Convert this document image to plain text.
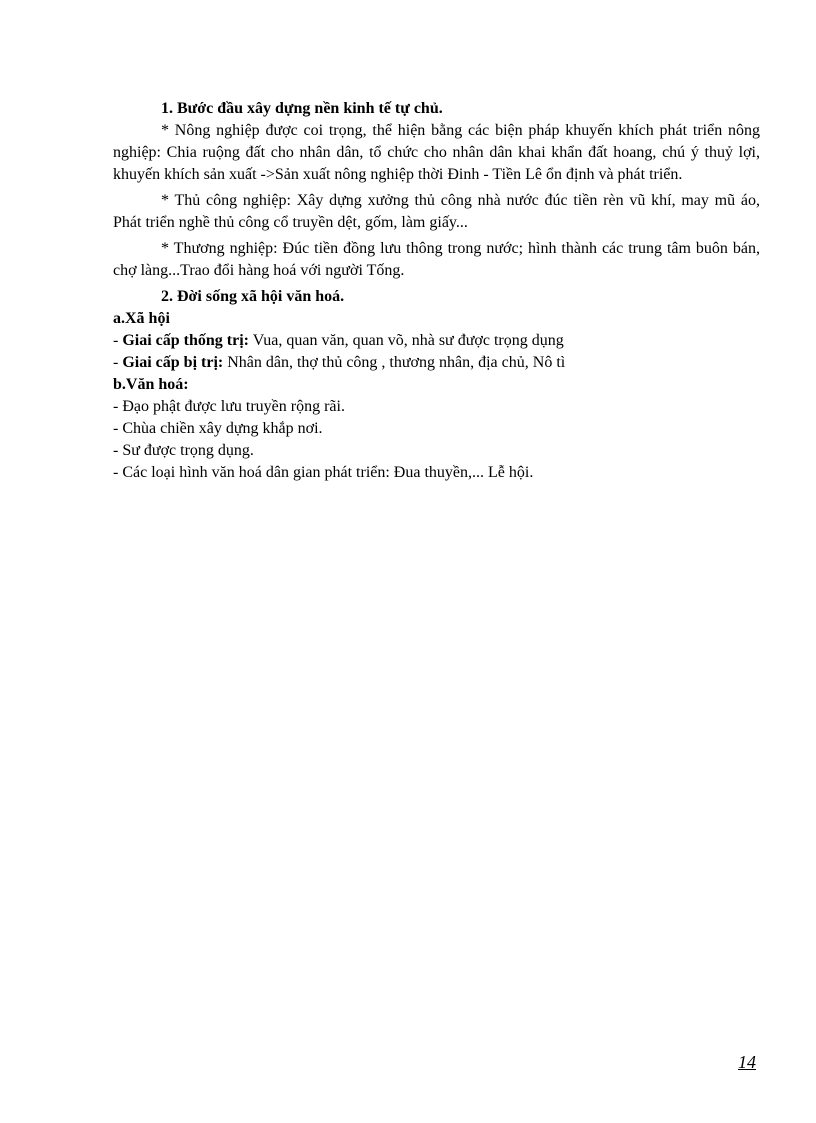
1. Bước đầu xây dựng nền kinh tế tự chủ.

* Nông nghiệp được coi trọng, thể hiện bằng các biện pháp khuyến khích phát triển nông nghiệp: Chia ruộng đất cho nhân dân, tổ chức cho nhân dân khai khẩn đất hoang, chú ý thuỷ lợi, khuyến khích sản xuất ->Sản xuất nông nghiệp thời Đinh - Tiền Lê ổn định và phát triển.

* Thủ công nghiệp: Xây dựng xưởng thủ công nhà nước đúc tiền rèn vũ khí, may mũ áo, Phát triển nghề thủ công cổ truyền dệt, gốm, làm giấy...

* Thương nghiệp: Đúc tiền đồng lưu thông trong nước; hình thành các trung tâm buôn bán, chợ làng...Trao đổi hàng hoá với người Tống.

2. Đời sống xã hội văn hoá.

a.Xã hội

- Giai cấp thống trị: Vua, quan văn, quan võ, nhà sư được trọng dụng

- Giai cấp bị trị: Nhân dân, thợ thủ công , thương nhân, địa chủ, Nô tì

b.Văn hoá:

- Đạo phật được lưu truyền rộng rãi.

- Chùa chiền xây dựng khắp nơi.

- Sư được trọng dụng.

- Các loại hình văn hoá dân gian phát triển: Đua thuyền,... Lễ hội.

14
